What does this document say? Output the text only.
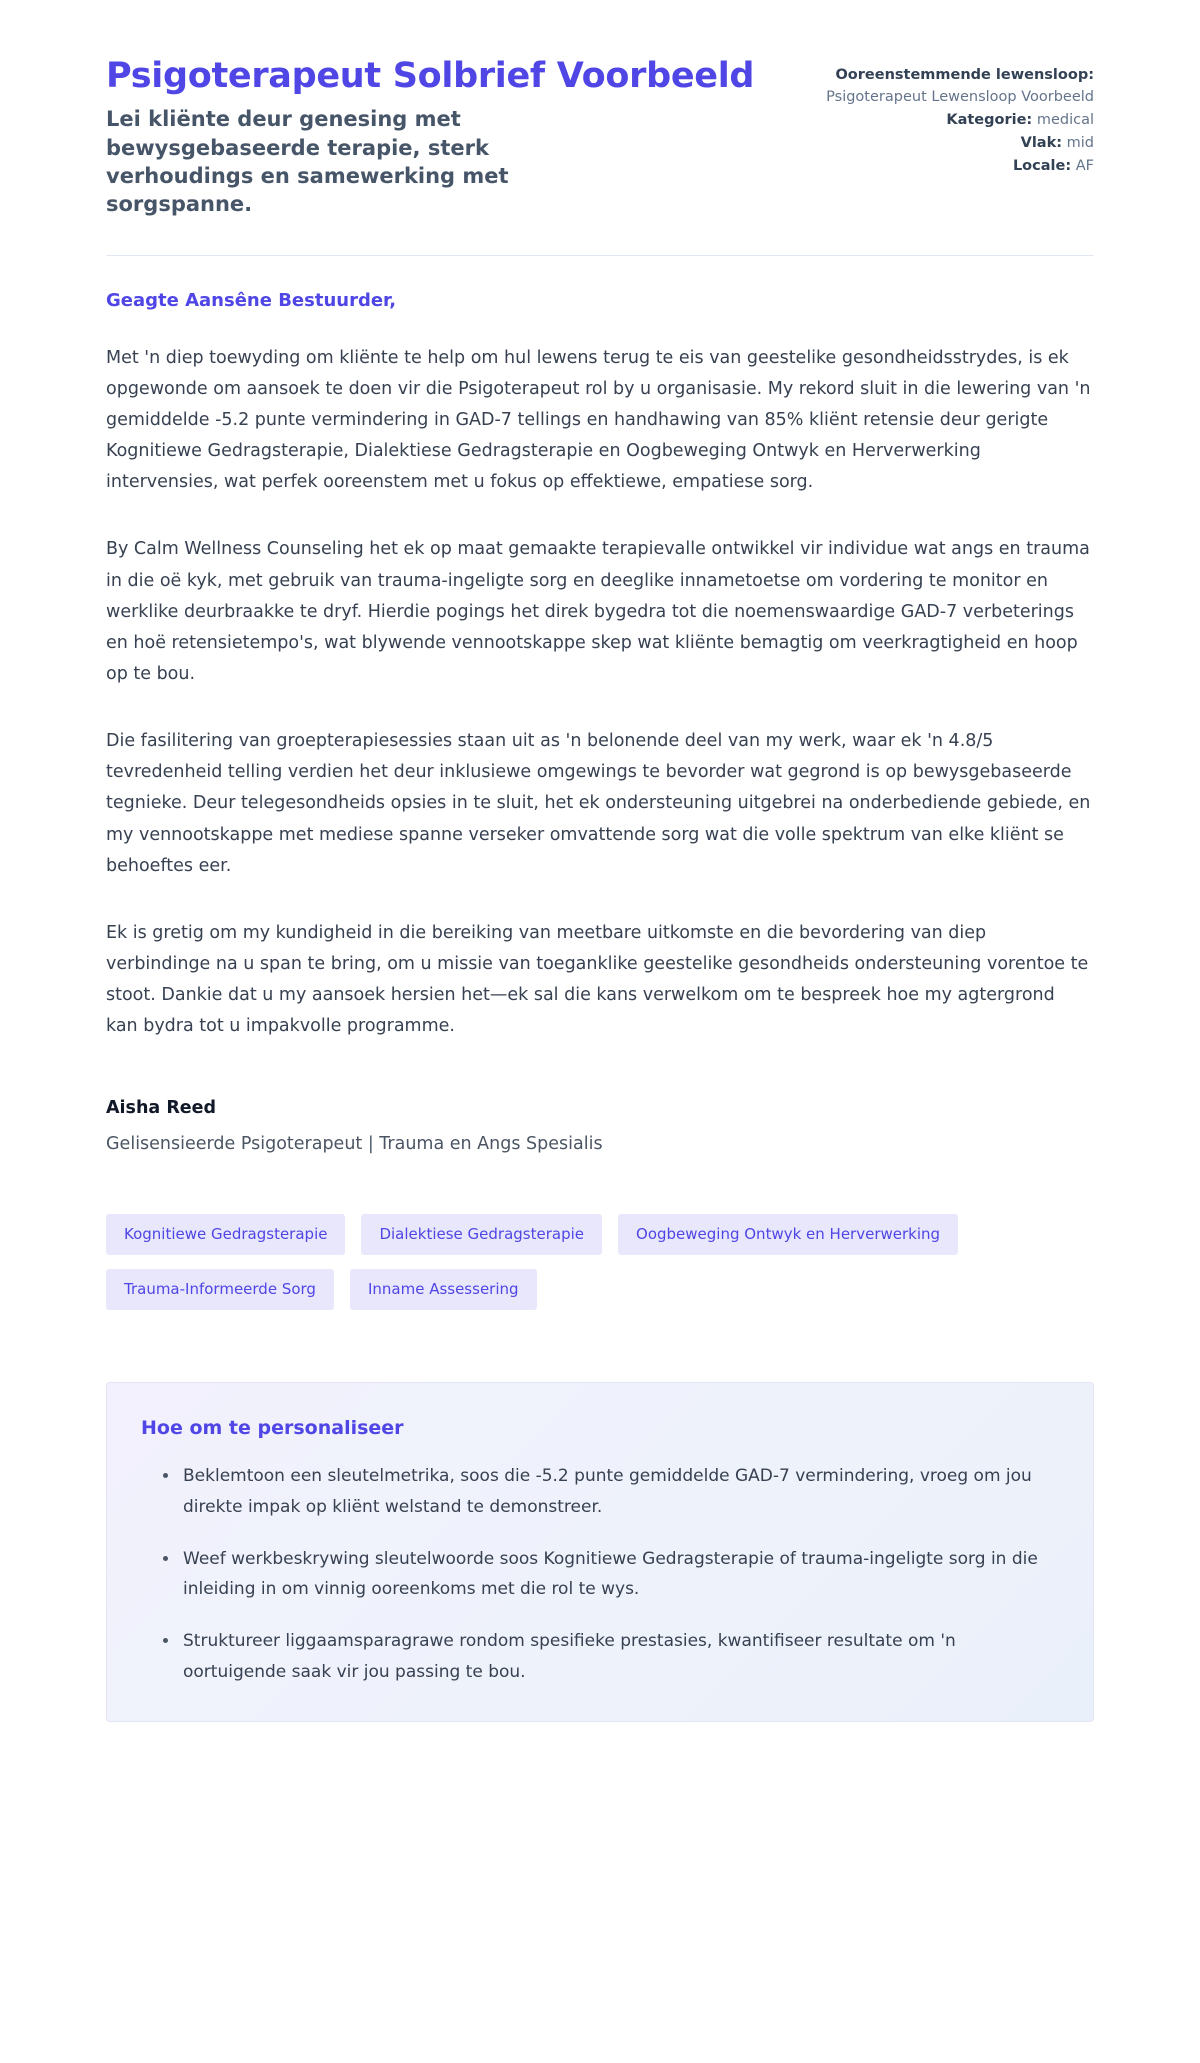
Psigoterapeut Solbrief Voorbeeld

Lei kliënte deur genesing met bewysgebaseerde terapie, sterk verhoudings en samewerking met sorgspanne.

Ooreenstemmende lewensloop: Psigoterapeut Lewensloop Voorbeeld
Kategorie: medical
Vlak: mid
Locale: AF

Geagte Aansêne Bestuurder,

Met 'n diep toewyding om kliënte te help om hul lewens terug te eis van geestelike gesondheidsstrydes, is ek opgewonde om aansoek te doen vir die Psigoterapeut rol by u organisasie. My rekord sluit in die lewering van 'n gemiddelde -5.2 punte vermindering in GAD-7 tellings en handhawing van 85% kliënt retensie deur gerigte Kognitiewe Gedragsterapie, Dialektiese Gedragsterapie en Oogbeweging Ontwyk en Herverwerking intervensies, wat perfek ooreenstem met u fokus op effektiewe, empatiese sorg.

By Calm Wellness Counseling het ek op maat gemaakte terapievalle ontwikkel vir individue wat angs en trauma in die oë kyk, met gebruik van trauma-ingeligte sorg en deeglike innametoetse om vordering te monitor en werklike deurbraakke te dryf. Hierdie pogings het direk bygedra tot die noemenswaardige GAD-7 verbeterings en hoë retensietempo's, wat blywende vennootskappe skep wat kliënte bemagtig om veerkragtigheid en hoop op te bou.

Die fasilitering van groepterapiesessies staan uit as 'n belonende deel van my werk, waar ek 'n 4.8/5 tevredenheid telling verdien het deur inklusiewe omgewings te bevorder wat gegrond is op bewysgebaseerde tegnieke. Deur telegesondheids opsies in te sluit, het ek ondersteuning uitgebrei na onderbediende gebiede, en my vennootskappe met mediese spanne verseker omvattende sorg wat die volle spektrum van elke kliënt se behoeftes eer.

Ek is gretig om my kundigheid in die bereiking van meetbare uitkomste en die bevordering van diep verbindinge na u span te bring, om u missie van toeganklike geestelike gesondheids ondersteuning vorentoe te stoot. Dankie dat u my aansoek hersien het—ek sal die kans verwelkom om te bespreek hoe my agtergrond kan bydra tot u impakvolle programme.

Aisha Reed

Gelisensieerde Psigoterapeut | Trauma en Angs Spesialis

Kognitiewe Gedragsterapie	Dialektiese Gedragsterapie	Oogbeweging Ontwyk en Herverwerking
Trauma-Informeerde Sorg	Inname Assessering
Hoe om te personaliseer
Beklemtoon een sleutelmetrika, soos die -5.2 punte gemiddelde GAD-7 vermindering, vroeg om jou direkte impak op kliënt welstand te demonstreer.
Weef werkbeskrywing sleutelwoorde soos Kognitiewe Gedragsterapie of trauma-ingeligte sorg in die inleiding in om vinnig ooreenkoms met die rol te wys.
Struktureer liggaamsparagrawe rondom spesifieke prestasies, kwantifiseer resultate om 'n oortuigende saak vir jou passing te bou.
